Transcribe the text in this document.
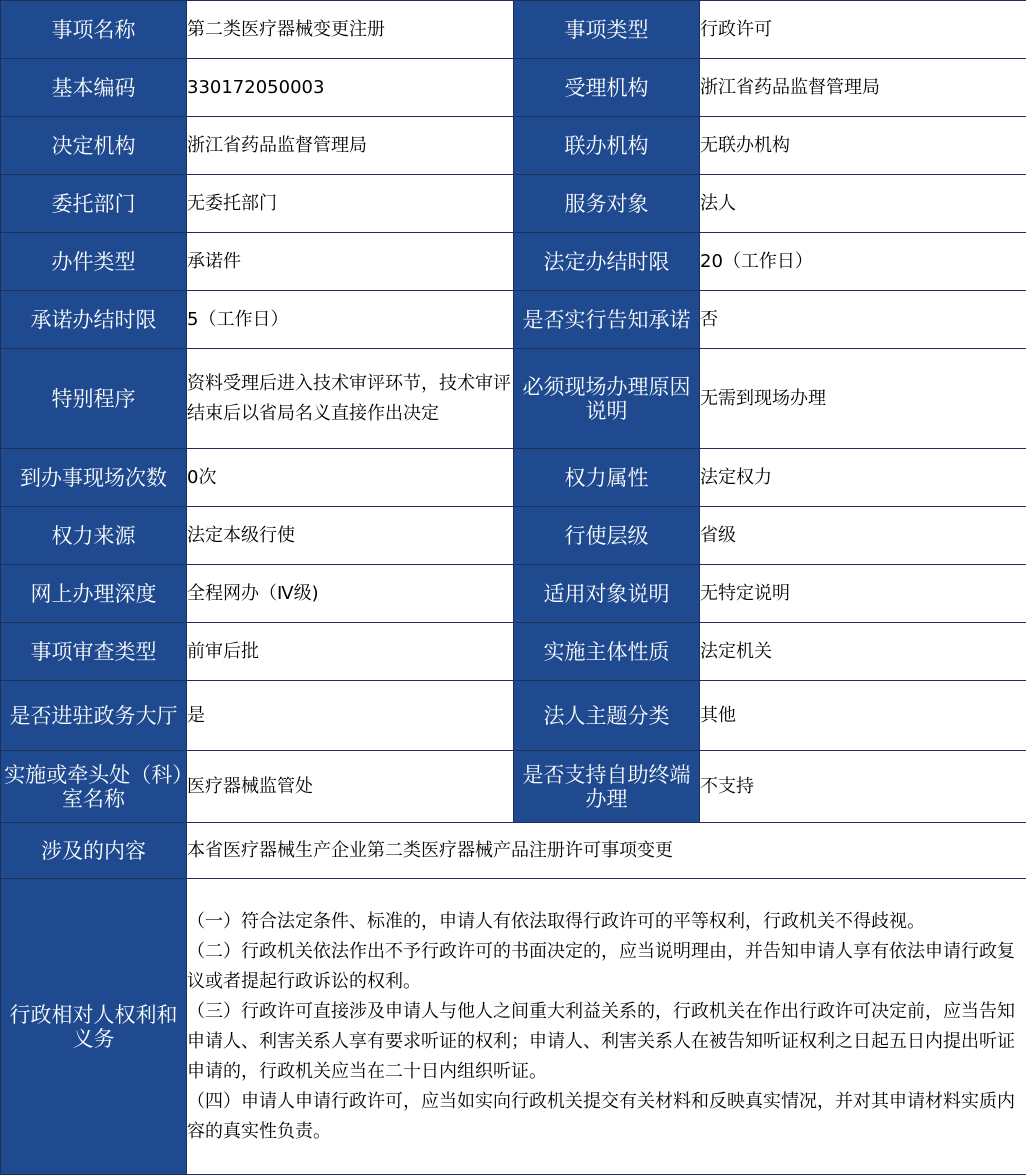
事项名称	第二类医疗器械变更注册	事项类型	行政许可
基本编码	330172050003	受理机构	浙江省药品监督管理局
决定机构	浙江省药品监督管理局	联办机构	无联办机构
委托部门	无委托部门	服务对象	法人
办件类型	承诺件	法定办结时限	20（工作日）
承诺办结时限	5（工作日）	是否实行告知承诺	否
特别程序	资料受理后进入技术审评环节，技术审评结束后以省局名义直接作出决定	必须现场办理原因说明	无需到现场办理
到办事现场次数	0次	权力属性	法定权力
权力来源	法定本级行使	行使层级	省级
网上办理深度	全程网办（Ⅳ级)	适用对象说明	无特定说明
事项审查类型	前审后批	实施主体性质	法定机关
是否进驻政务大厅	是	法人主题分类	其他
实施或牵头处（科）室名称	医疗器械监管处	是否支持自助终端办理	不支持
涉及的内容	本省医疗器械生产企业第二类医疗器械产品注册许可事项变更		
行政相对人权利和义务	（一）符合法定条件、标准的，申请人有依法取得行政许可的平等权利，行政机关不得歧视。
（二）行政机关依法作出不予行政许可的书面决定的，应当说明理由，并告知申请人享有依法申请行政复议或者提起行政诉讼的权利。
（三）行政许可直接涉及申请人与他人之间重大利益关系的，行政机关在作出行政许可决定前，应当告知申请人、利害关系人享有要求听证的权利；申请人、利害关系人在被告知听证权利之日起五日内提出听证申请的，行政机关应当在二十日内组织听证。
（四）申请人申请行政许可，应当如实向行政机关提交有关材料和反映真实情况，并对其申请材料实质内容的真实性负责。		
